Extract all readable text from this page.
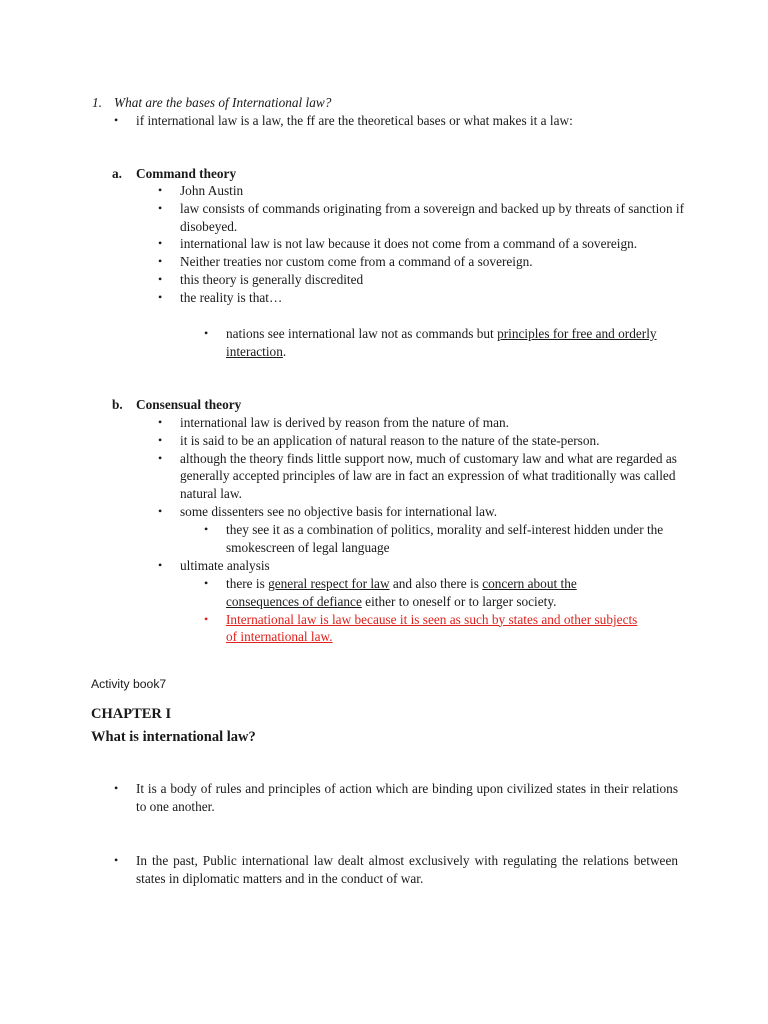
1. What are the bases of International law?
• if international law is a law, the ff are the theoretical bases or what makes it a law:
a. Command theory
• John Austin
• law consists of commands originating from a sovereign and backed up by threats of sanction if disobeyed.
• international law is not law because it does not come from a command of a sovereign.
• Neither treaties nor custom come from a command of a sovereign.
• this theory is generally discredited
• the reality is that…
• nations see international law not as commands but principles for free and orderly interaction.
b. Consensual theory
• international law is derived by reason from the nature of man.
• it is said to be an application of natural reason to the nature of the state-person.
• although the theory finds little support now, much of customary law and what are regarded as generally accepted principles of law are in fact an expression of what traditionally was called natural law.
• some dissenters see no objective basis for international law.
• they see it as a combination of politics, morality and self-interest hidden under the smokescreen of legal language
• ultimate analysis
• there is general respect for law and also there is concern about the consequences of defiance either to oneself or to larger society.
• International law is law because it is seen as such by states and other subjects of international law.
Activity book7
CHAPTER I
What is international law?
• It is a body of rules and principles of action which are binding upon civilized states in their relations to one another.
• In the past, Public international law dealt almost exclusively with regulating the relations between states in diplomatic matters and in the conduct of war.
